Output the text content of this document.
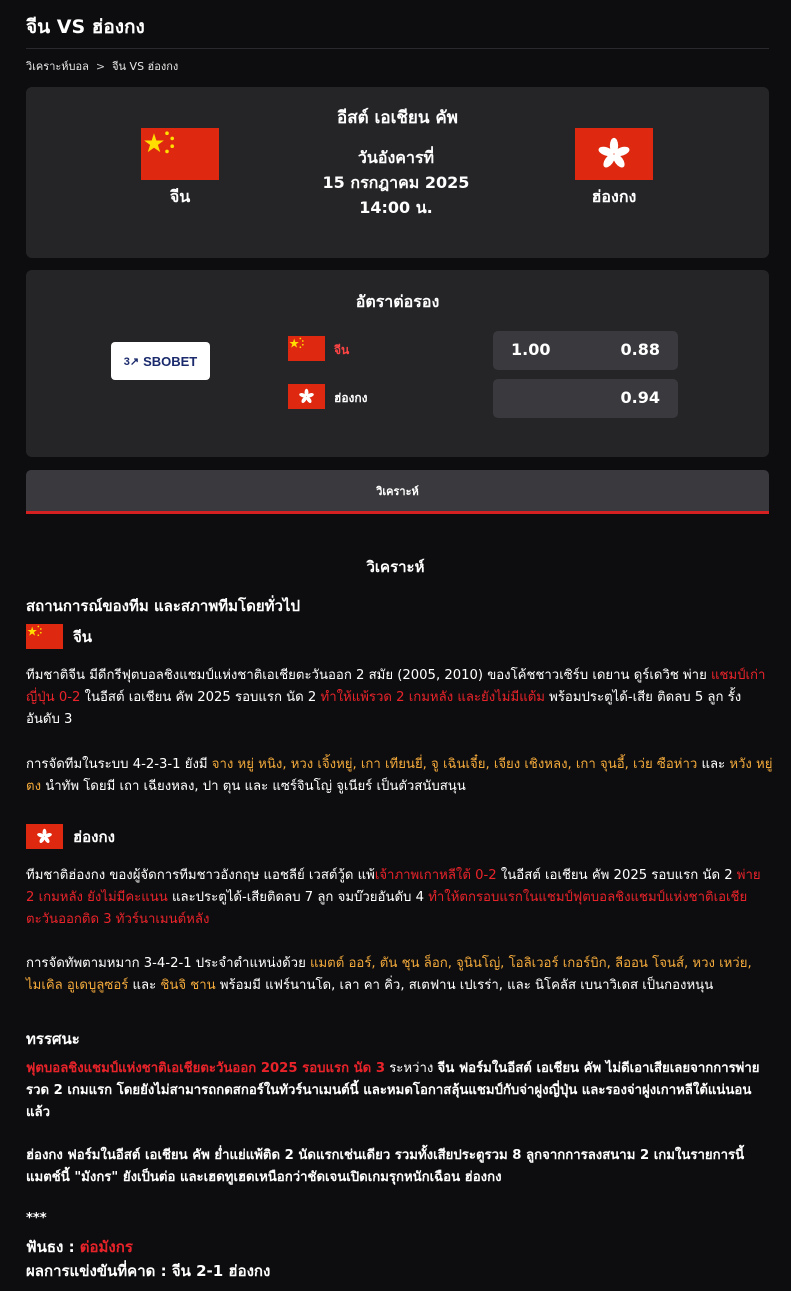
จีน VS ฮ่องกง
วิเคราะห์บอล > จีน VS ฮ่องกง
อีสต์ เอเชียน คัพ
จีน
วันอังคารที่
15 กรกฎาคม 2025
14:00 น.
ฮ่องกง
อัตราต่อรอง
3↗ SBOBET
จีน
ฮ่องกง
1.00	0.88
0.94
วิเคราะห์
วิเคราะห์
สถานการณ์ของทีม และสภาพทีมโดยทั่วไป
จีน
ทีมชาติจีน มีดีกรีฟุตบอลชิงแชมป์แห่งชาติเอเชียตะวันออก 2 สมัย (2005, 2010) ของโค้ชชาวเซิร์บ เดยาน ดูร์เดวิช พ่าย แชมป์เก่าญี่ปุ่น 0-2 ในอีสต์ เอเชียน คัพ 2025 รอบแรก นัด 2 ทำให้แพ้รวด 2 เกมหลัง และยังไม่มีแต้ม พร้อมประตูได้-เสีย ติดลบ 5 ลูก รั้งอันดับ 3
การจัดทีมในระบบ 4-2-3-1 ยังมี จาง หยู่ หนิง, หวง เจิ้งหยู่, เกา เทียนยี่, จู เฉินเจี๋ย, เจียง เชิงหลง, เกา จุนอี้, เว่ย ซือห่าว และ หวัง หยู่ตง นำทัพ โดยมี เถา เฉียงหลง, ปา ตุน และ แซร์จินโญ่ จูเนียร์ เป็นตัวสนับสนุน
ฮ่องกง
ทีมชาติฮ่องกง ของผู้จัดการทีมชาวอังกฤษ แอชลีย์ เวสต์วู้ด แพ้เจ้าภาพเกาหลีใต้ 0-2 ในอีสต์ เอเชียน คัพ 2025 รอบแรก นัด 2 พ่าย 2 เกมหลัง ยังไม่มีคะแนน และประตูได้-เสียติดลบ 7 ลูก จมบ๊วยอันดับ 4 ทำให้ตกรอบแรกในแชมป์ฟุตบอลชิงแชมป์แห่งชาติเอเชียตะวันออกติด 3 ทัวร์นาเมนต์หลัง
การจัดทัพตามหมาก 3-4-2-1 ประจำตำแหน่งด้วย แมตต์ ออร์, ตัน ชุน ล็อก, จูนินโญ่, โอลิเวอร์ เกอร์บิก, ลีออน โจนส์, หวง เหว่ย, ไมเคิล อูเดบูลูซอร์ และ ชินจิ ชาน พร้อมมี แฟร์นานโด, เลา คา คิ่ว, สเตฟาน เปเรร่า, และ นิโคลัส เบนาวิเดส เป็นกองหนุน
ทรรศนะ
ฟุตบอลชิงแชมป์แห่งชาติเอเชียตะวันออก 2025 รอบแรก นัด 3 ระหว่าง จีน ฟอร์มในอีสต์ เอเชียน คัพ ไม่ดีเอาเสียเลยจากการพ่ายรวด 2 เกมแรก โดยยังไม่สามารถกดสกอร์ในทัวร์นาเมนต์นี้ และหมดโอกาสลุ้นแชมป์กับจ่าฝูงญี่ปุ่น และรองจ่าฝูงเกาหลีใต้แน่นอนแล้ว
ฮ่องกง ฟอร์มในอีสต์ เอเชียน คัพ ย่ำแย่แพ้ติด 2 นัดแรกเช่นเดียว รวมทั้งเสียประตูรวม 8 ลูกจากการลงสนาม 2 เกมในรายการนี้ แมตช์นี้ "มังกร" ยังเป็นต่อ และเฮดทูเฮดเหนือกว่าชัดเจนเปิดเกมรุกหนักเฉือน ฮ่องกง
***
ฟันธง : ต่อมังกร
ผลการแข่งขันที่คาด : จีน 2-1 ฮ่องกง
